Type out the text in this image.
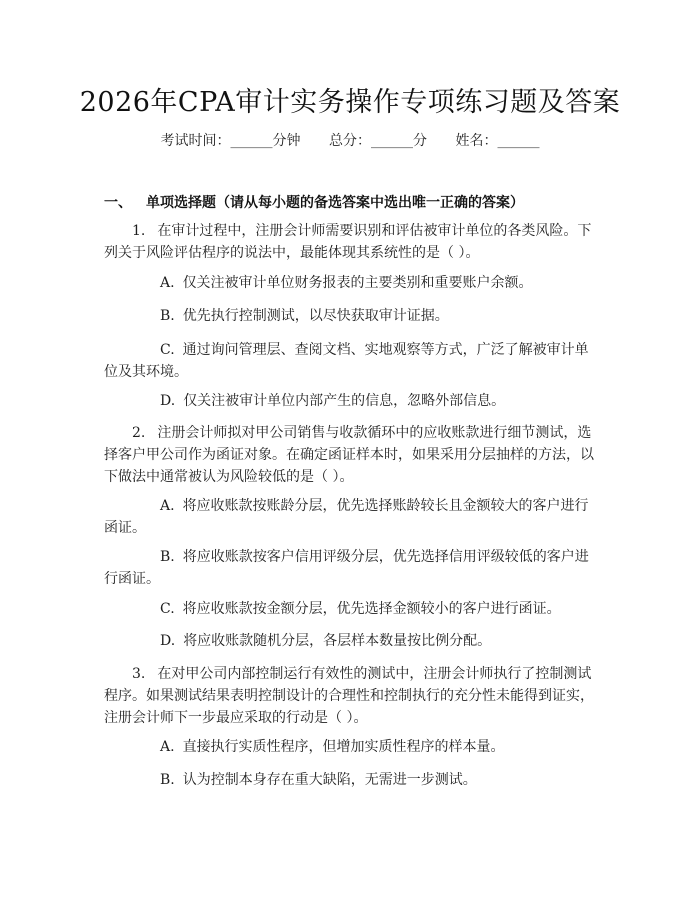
2026年CPA审计实务操作专项练习题及答案
考试时间：______分钟 总分：______分 姓名：______
一、 单项选择题（请从每小题的备选答案中选出唯一正确的答案）
1. 在审计过程中，注册会计师需要识别和评估被审计单位的各类风险。下列关于风险评估程序的说法中，最能体现其系统性的是（ ）。
A. 仅关注被审计单位财务报表的主要类别和重要账户余额。
B. 优先执行控制测试，以尽快获取审计证据。
C. 通过询问管理层、查阅文档、实地观察等方式，广泛了解被审计单位及其环境。
D. 仅关注被审计单位内部产生的信息，忽略外部信息。
2. 注册会计师拟对甲公司销售与收款循环中的应收账款进行细节测试，选择客户甲公司作为函证对象。在确定函证样本时，如果采用分层抽样的方法，以下做法中通常被认为风险较低的是（ ）。
A. 将应收账款按账龄分层，优先选择账龄较长且金额较大的客户进行函证。
B. 将应收账款按客户信用评级分层，优先选择信用评级较低的客户进行函证。
C. 将应收账款按金额分层，优先选择金额较小的客户进行函证。
D. 将应收账款随机分层，各层样本数量按比例分配。
3. 在对甲公司内部控制运行有效性的测试中，注册会计师执行了控制测试程序。如果测试结果表明控制设计的合理性和控制执行的充分性未能得到证实，注册会计师下一步最应采取的行动是（ ）。
A. 直接执行实质性程序，但增加实质性程序的样本量。
B. 认为控制本身存在重大缺陷，无需进一步测试。
